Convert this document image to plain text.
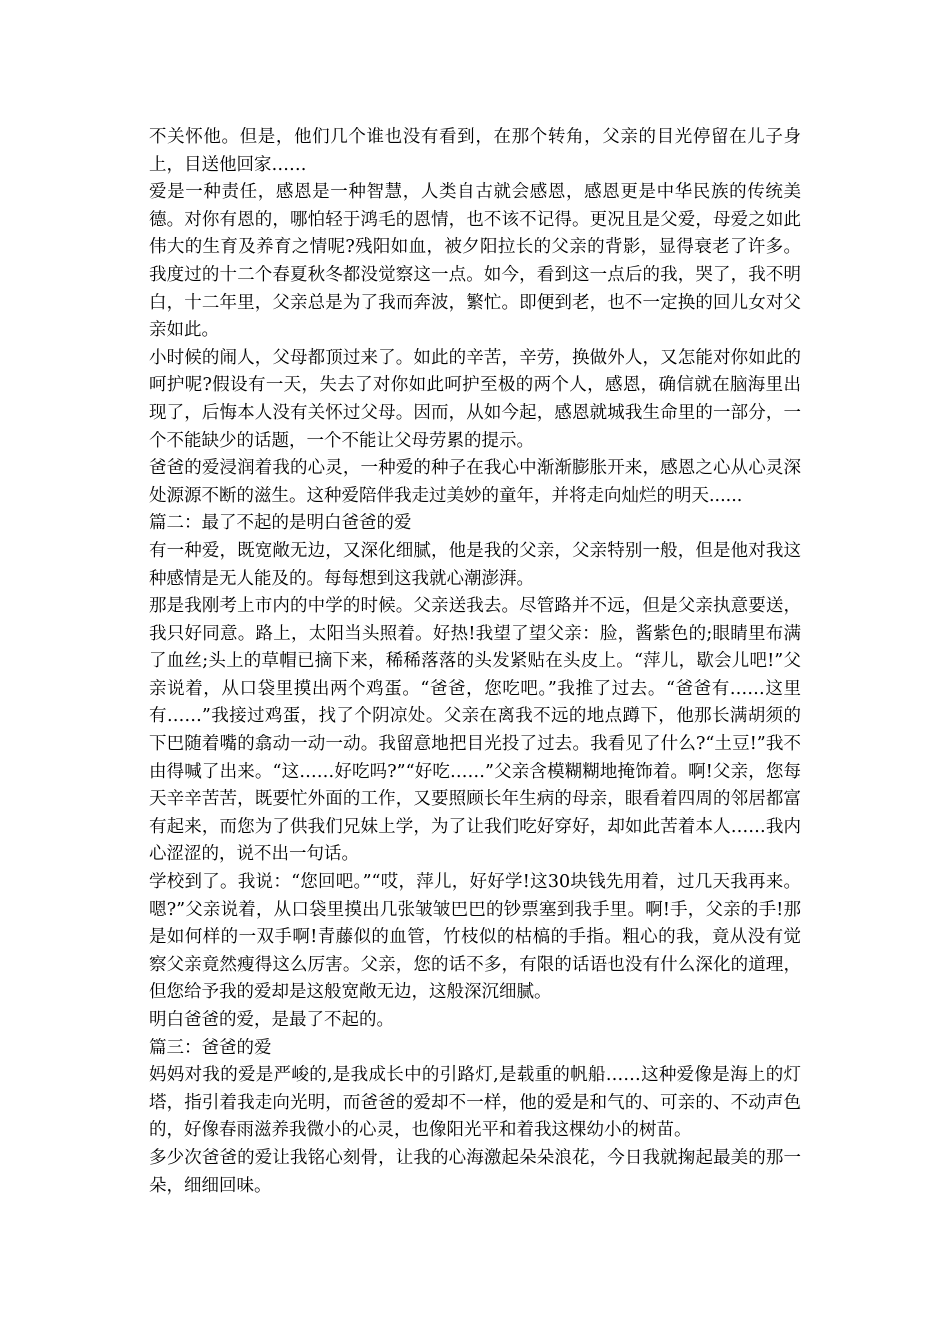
不关怀他。但是，他们几个谁也没有看到，在那个转角，父亲的目光停留在儿子身上，目送他回家……

爱是一种责任，感恩是一种智慧，人类自古就会感恩，感恩更是中华民族的传统美德。对你有恩的，哪怕轻于鸿毛的恩情，也不该不记得。更况且是父爱，母爱之如此伟大的生育及养育之情呢?残阳如血，被夕阳拉长的父亲的背影，显得衰老了许多。我度过的十二个春夏秋冬都没觉察这一点。如今，看到这一点后的我，哭了，我不明白，十二年里，父亲总是为了我而奔波，繁忙。即便到老，也不一定换的回儿女对父亲如此。

小时候的闹人，父母都顶过来了。如此的辛苦，辛劳，换做外人，又怎能对你如此的呵护呢?假设有一天，失去了对你如此呵护至极的两个人，感恩，确信就在脑海里出现了，后悔本人没有关怀过父母。因而，从如今起，感恩就城我生命里的一部分，一个不能缺少的话题，一个不能让父母劳累的提示。

爸爸的爱浸润着我的心灵，一种爱的种子在我心中渐渐膨胀开来，感恩之心从心灵深处源源不断的滋生。这种爱陪伴我走过美妙的童年，并将走向灿烂的明天......

篇二：最了不起的是明白爸爸的爱

有一种爱，既宽敞无边，又深化细腻，他是我的父亲，父亲特别一般，但是他对我这种感情是无人能及的。每每想到这我就心潮澎湃。

那是我刚考上市内的中学的时候。父亲送我去。尽管路并不远，但是父亲执意要送，我只好同意。路上，太阳当头照着。好热!我望了望父亲：脸，酱紫色的;眼睛里布满了血丝;头上的草帽已摘下来，稀稀落落的头发紧贴在头皮上。“萍儿，歇会儿吧!”父亲说着，从口袋里摸出两个鸡蛋。“爸爸，您吃吧。”我推了过去。“爸爸有……这里有……”我接过鸡蛋，找了个阴凉处。父亲在离我不远的地点蹲下，他那长满胡须的下巴随着嘴的翕动一动一动。我留意地把目光投了过去。我看见了什么?“土豆!”我不由得喊了出来。“这……好吃吗?”“好吃……”父亲含模糊糊地掩饰着。啊!父亲，您每天辛辛苦苦，既要忙外面的工作，又要照顾长年生病的母亲，眼看着四周的邻居都富有起来，而您为了供我们兄妹上学，为了让我们吃好穿好，却如此苦着本人……我内心涩涩的，说不出一句话。

学校到了。我说：“您回吧。”“哎，萍儿，好好学!这30块钱先用着，过几天我再来。嗯?”父亲说着，从口袋里摸出几张皱皱巴巴的钞票塞到我手里。啊!手，父亲的手!那是如何样的一双手啊!青藤似的血管，竹枝似的枯槁的手指。粗心的我，竟从没有觉察父亲竟然瘦得这么厉害。父亲，您的话不多，有限的话语也没有什么深化的道理，但您给予我的爱却是这般宽敞无边，这般深沉细腻。

明白爸爸的爱，是最了不起的。

篇三：爸爸的爱

妈妈对我的爱是严峻的,是我成长中的引路灯,是载重的帆船……这种爱像是海上的灯塔，指引着我走向光明，而爸爸的爱却不一样，他的爱是和气的、可亲的、不动声色的，好像春雨滋养我微小的心灵，也像阳光平和着我这棵幼小的树苗。

多少次爸爸的爱让我铭心刻骨，让我的心海激起朵朵浪花，今日我就掬起最美的那一朵，细细回味。
